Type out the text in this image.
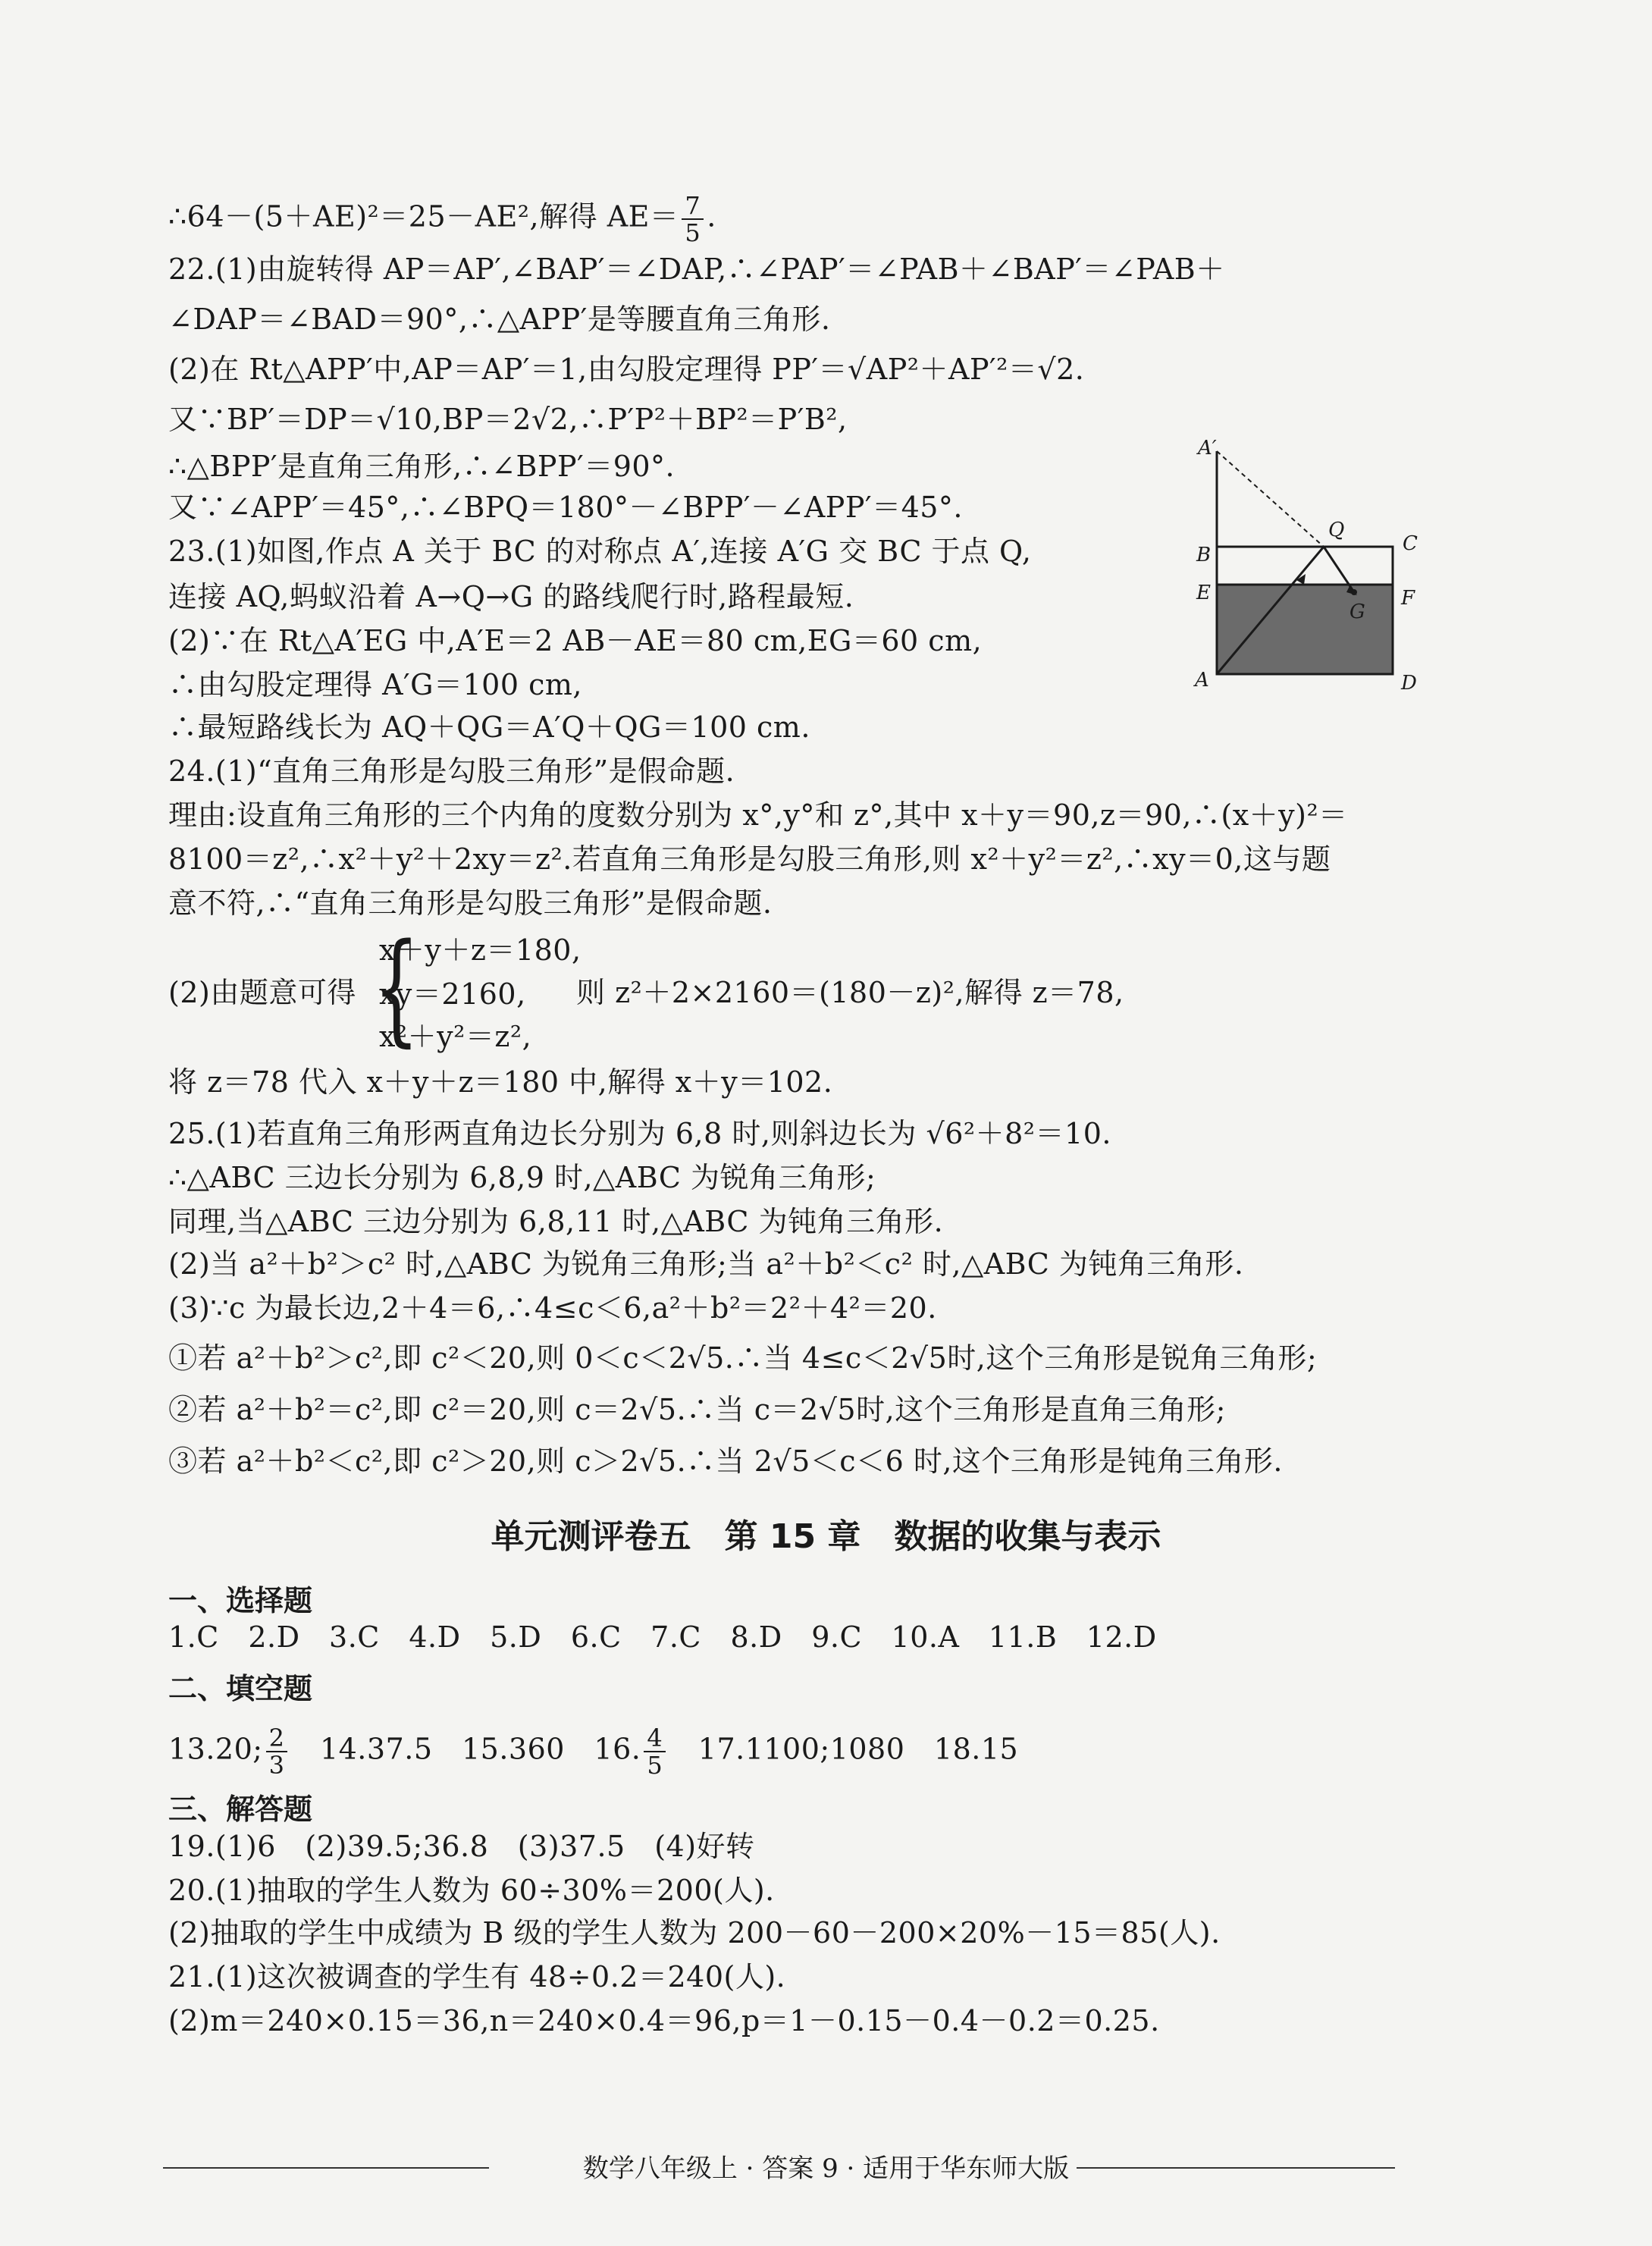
∴64－(5＋AE)²＝25－AE²,解得 $AE= \frac{7}{5}$ .
22.(1)由旋转得 AP＝AP′,∠BAP′＝∠DAP,∴∠PAP′＝∠PAB＋∠BAP′＝∠PAB＋
∠DAP＝∠BAD＝90°,∴△APP′是等腰直角三角形.
(2)在 Rt△APP′中,AP＝AP′＝1,由勾股定理得 PP′＝√AP²＋AP′²＝√2.
又∵BP′＝DP＝√10,BP＝2√2,∴P′P²＋BP²＝P′B²,
∴△BPP′是直角三角形,∴∠BPP′＝90°.
又∵∠APP′＝45°,∴∠BPQ＝180°－∠BPP′－∠APP′＝45°.
23.(1)如图,作点 A 关于 BC 的对称点 A′,连接 A′G 交 BC 于点 Q,
连接 AQ,蚂蚁沿着 A→Q→G 的路线爬行时,路程最短.
(2)∵在 Rt△A′EG 中,A′E＝2 AB－AE＝80 cm,EG＝60 cm,
∴由勾股定理得 A′G＝100 cm,
∴最短路线长为 AQ＋QG＝A′Q＋QG＝100 cm.
24.(1)“直角三角形是勾股三角形”是假命题.
理由:设直角三角形的三个内角的度数分别为 x°,y°和 z°,其中 x＋y＝90,z＝90,∴(x＋y)²＝
8100＝z²,∴x²＋y²＋2xy＝z².若直角三角形是勾股三角形,则 x²＋y²＝z²,∴xy＝0,这与题
意不符,∴“直角三角形是勾股三角形”是假命题.
(2)由题意可得 {
x＋y＋z＝180,
xy＝2160, 则 z²＋2×2160＝(180－z)²,解得 z＝78,
x²＋y²＝z²,
将 z＝78 代入 x＋y＋z＝180 中,解得 x＋y＝102.
25.(1)若直角三角形两直角边长分别为 6,8 时,则斜边长为 √6²＋8²＝10.
∴△ABC 三边长分别为 6,8,9 时,△ABC 为锐角三角形;
同理,当△ABC 三边分别为 6,8,11 时,△ABC 为钝角三角形.
(2)当 a²＋b²＞c² 时,△ABC 为锐角三角形;当 a²＋b²＜c² 时,△ABC 为钝角三角形.
(3)∵c 为最长边,2＋4＝6,∴4≤c＜6,a²＋b²＝2²＋4²＝20.
①若 a²＋b²＞c²,即 c²＜20,则 0＜c＜2√5.∴当 4≤c＜2√5时,这个三角形是锐角三角形;
②若 a²＋b²＝c²,即 c²＝20,则 c＝2√5.∴当 c＝2√5时,这个三角形是直角三角形;
③若 a²＋b²＜c²,即 c²＞20,则 c＞2√5.∴当 2√5＜c＜6 时,这个三角形是钝角三角形.
单元测评卷五　第 15 章　数据的收集与表示
一、选择题
1.C　2.D　3.C　4.D　5.D　6.C　7.C　8.D　9.C　10.A　11.B　12.D
二、填空题
13.20; $\frac{2}{3}$ 　14.37.5　15.360　16. $\frac{4}{5}$ 　17.1100;1080　18.15
三、解答题
19.(1)6　(2)39.5;36.8　(3)37.5　(4)好转
20.(1)抽取的学生人数为 60÷30%＝200(人).
(2)抽取的学生中成绩为 B 级的学生人数为 200－60－200×20%－15＝85(人).
21.(1)这次被调查的学生有 48÷0.2＝240(人).
(2)m＝240×0.15＝36,n＝240×0.4＝96,p＝1－0.15－0.4－0.2＝0.25.
A′
Q
C
B
E	F
G
A	D
数学八年级上 · 答案 9 · 适用于华东师大版
